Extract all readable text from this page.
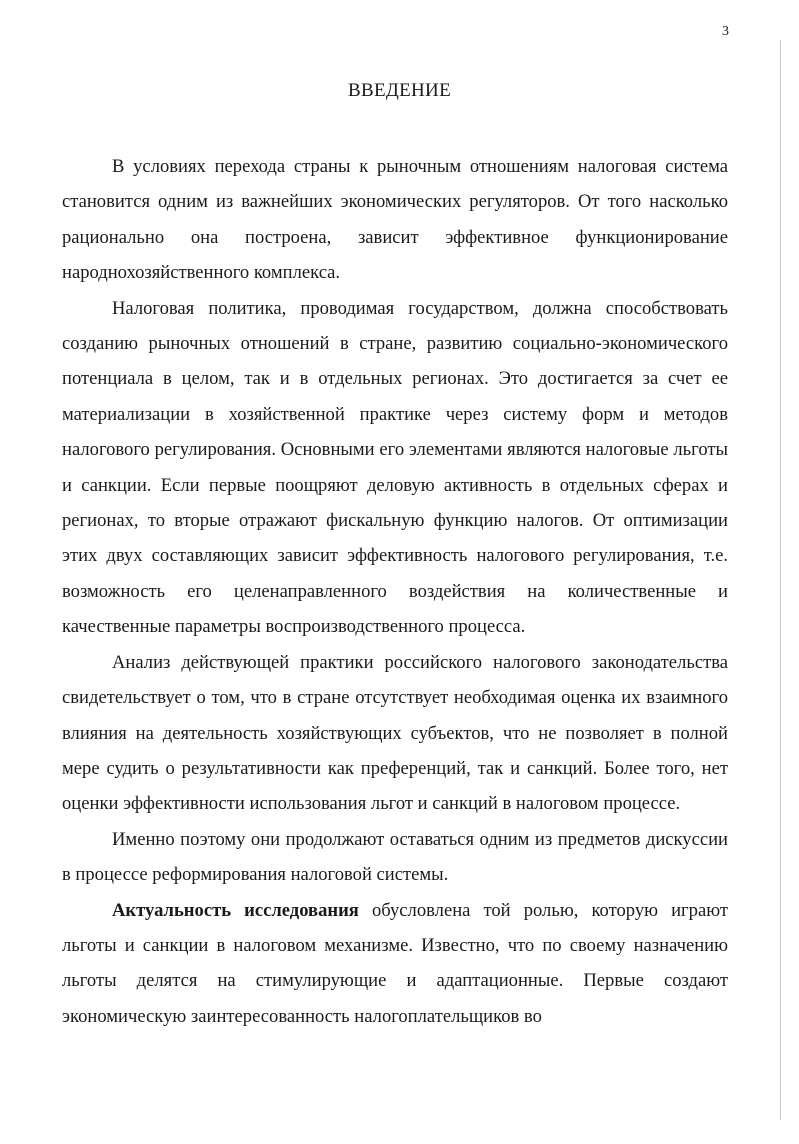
3
ВВЕДЕНИЕ

В условиях перехода страны к рыночным отношениям налоговая система становится одним из важнейших экономических регуляторов. От того насколько рационально она построена, зависит эффективное функционирование народнохозяйственного комплекса.

Налоговая политика, проводимая государством, должна способствовать созданию рыночных отношений в стране, развитию социально-экономического потенциала в целом, так и в отдельных регионах. Это достигается за счет ее материализации в хозяйственной практике через систему форм и методов налогового регулирования. Основными его элементами являются налоговые льготы и санкции. Если первые поощряют деловую активность в отдельных сферах и регионах, то вторые отражают фискальную функцию налогов. От оптимизации этих двух составляющих зависит эффективность налогового регулирования, т.е. возможность его целенаправленного воздействия на количественные и качественные параметры воспроизводственного процесса.

Анализ действующей практики российского налогового законодательства свидетельствует о том, что в стране отсутствует необходимая оценка их взаимного влияния на деятельность хозяйствующих субъектов, что не позволяет в полной мере судить о результативности как преференций, так и санкций. Более того, нет оценки эффективности использования льгот и санкций в налоговом процессе.

Именно поэтому они продолжают оставаться одним из предметов дискуссии в процессе реформирования налоговой системы.

Актуальность исследования обусловлена той ролью, которую играют льготы и санкции в налоговом механизме. Известно, что по своему назначению льготы делятся на стимулирующие и адаптационные. Первые создают экономическую заинтересованность налогоплательщиков во
